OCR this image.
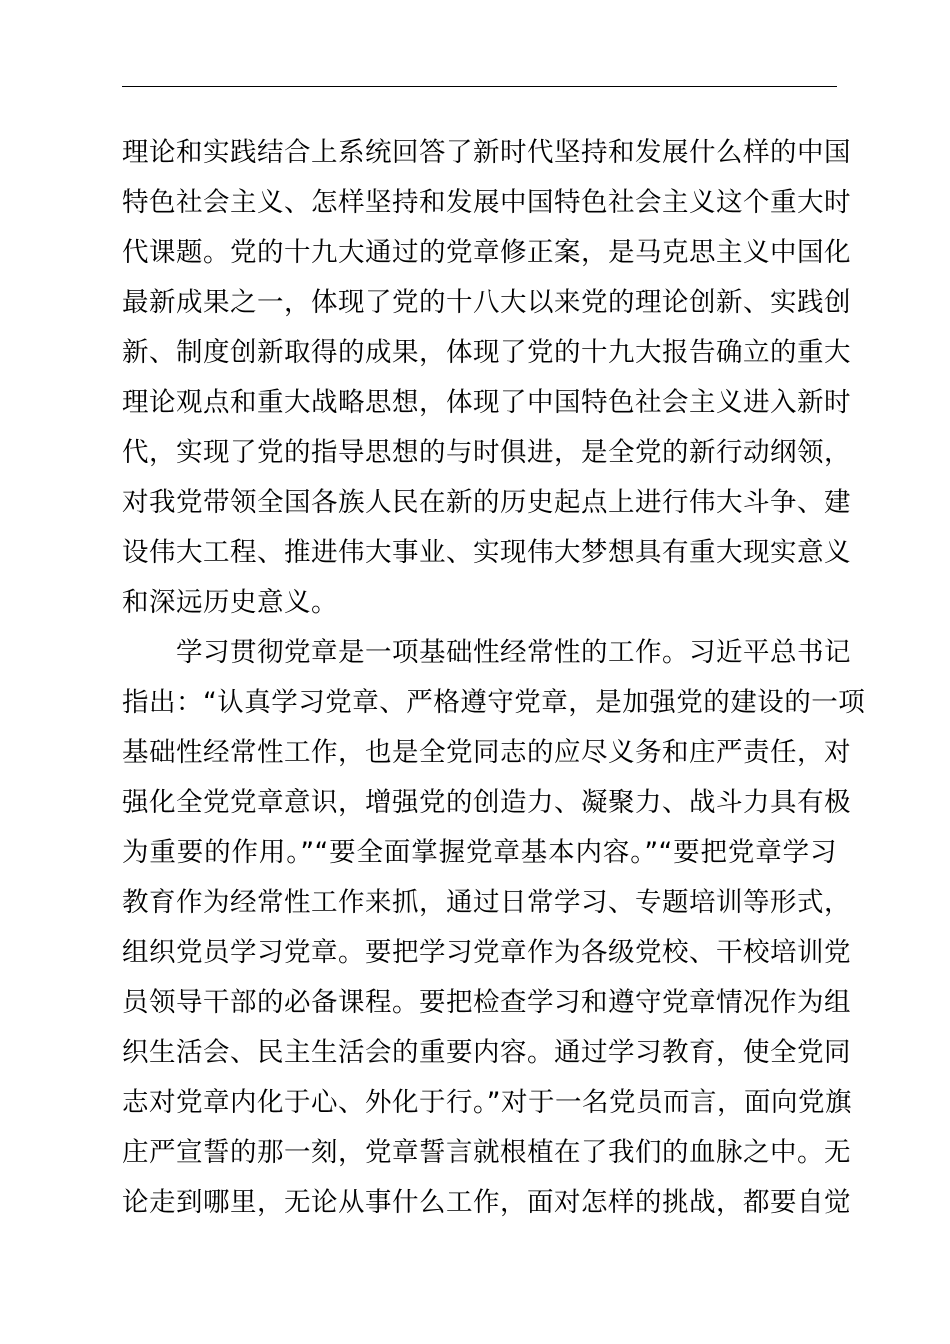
理论和实践结合上系统回答了新时代坚持和发展什么样的中国
特色社会主义、怎样坚持和发展中国特色社会主义这个重大时
代课题。党的十九大通过的党章修正案，是马克思主义中国化
最新成果之一，体现了党的十八大以来党的理论创新、实践创
新、制度创新取得的成果，体现了党的十九大报告确立的重大
理论观点和重大战略思想，体现了中国特色社会主义进入新时
代，实现了党的指导思想的与时俱进，是全党的新行动纲领，
对我党带领全国各族人民在新的历史起点上进行伟大斗争、建
设伟大工程、推进伟大事业、实现伟大梦想具有重大现实意义
和深远历史意义。

学习贯彻党章是一项基础性经常性的工作。习近平总书记
指出：“认真学习党章、严格遵守党章，是加强党的建设的一项
基础性经常性工作，也是全党同志的应尽义务和庄严责任，对
强化全党党章意识，增强党的创造力、凝聚力、战斗力具有极
为重要的作用。”“要全面掌握党章基本内容。”“要把党章学习
教育作为经常性工作来抓，通过日常学习、专题培训等形式，
组织党员学习党章。要把学习党章作为各级党校、干校培训党
员领导干部的必备课程。要把检查学习和遵守党章情况作为组
织生活会、民主生活会的重要内容。通过学习教育，使全党同
志对党章内化于心、外化于行。”对于一名党员而言，面向党旗
庄严宣誓的那一刻，党章誓言就根植在了我们的血脉之中。无
论走到哪里，无论从事什么工作，面对怎样的挑战，都要自觉
